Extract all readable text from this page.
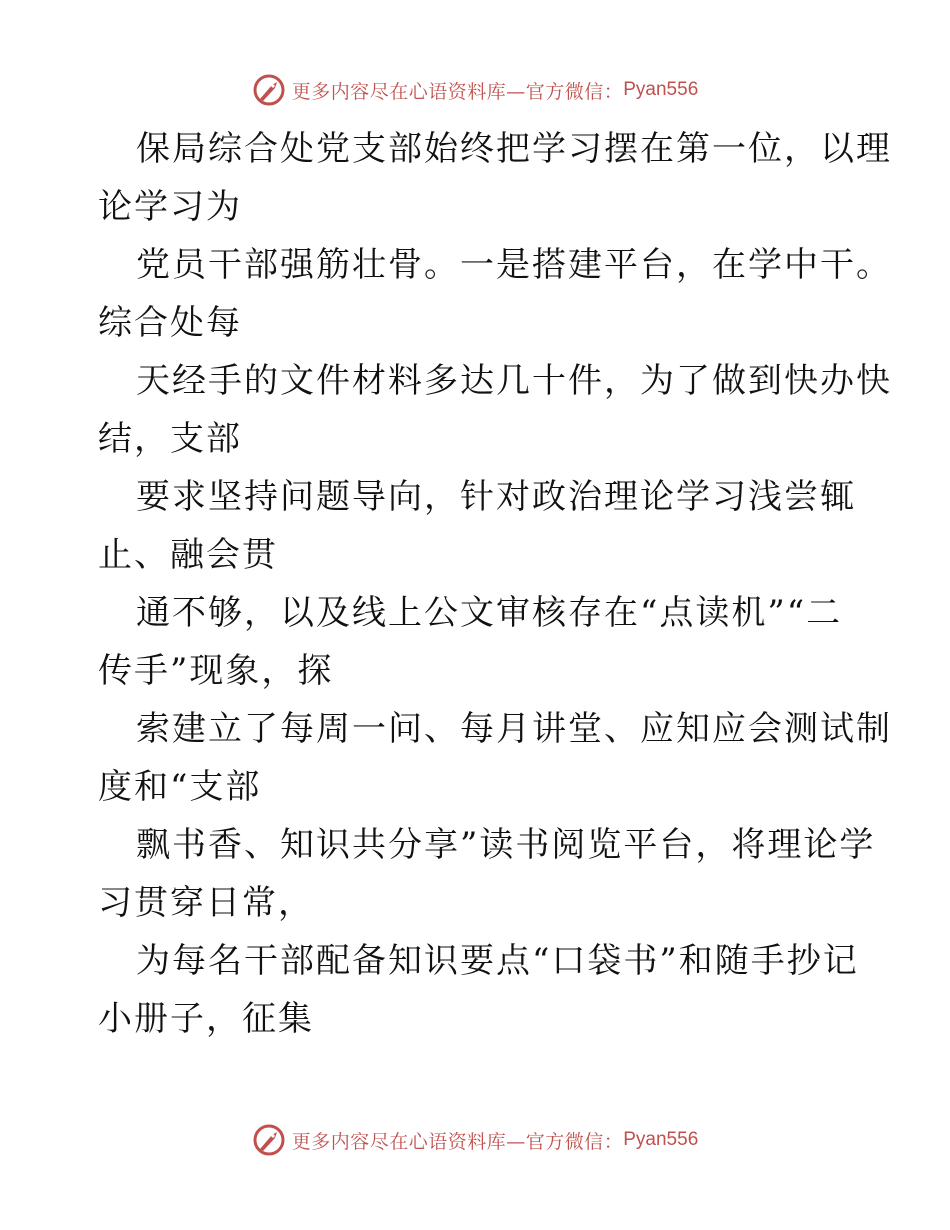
更多内容尽在心语资料库—官方微信： Pyan556

保局综合处党支部始终把学习摆在第一位，以理
论学习为

党员干部强筋壮骨。一是搭建平台，在学中干。
综合处每

天经手的文件材料多达几十件，为了做到快办快
结，支部

要求坚持问题导向，针对政治理论学习浅尝辄
止、融会贯

通不够，以及线上公文审核存在“点读机”“二
传手”现象，探

索建立了每周一问、每月讲堂、应知应会测试制
度和“支部

飘书香、知识共分享”读书阅览平台，将理论学
习贯穿日常，

为每名干部配备知识要点“口袋书”和随手抄记
小册子，征集

更多内容尽在心语资料库—官方微信： Pyan556
